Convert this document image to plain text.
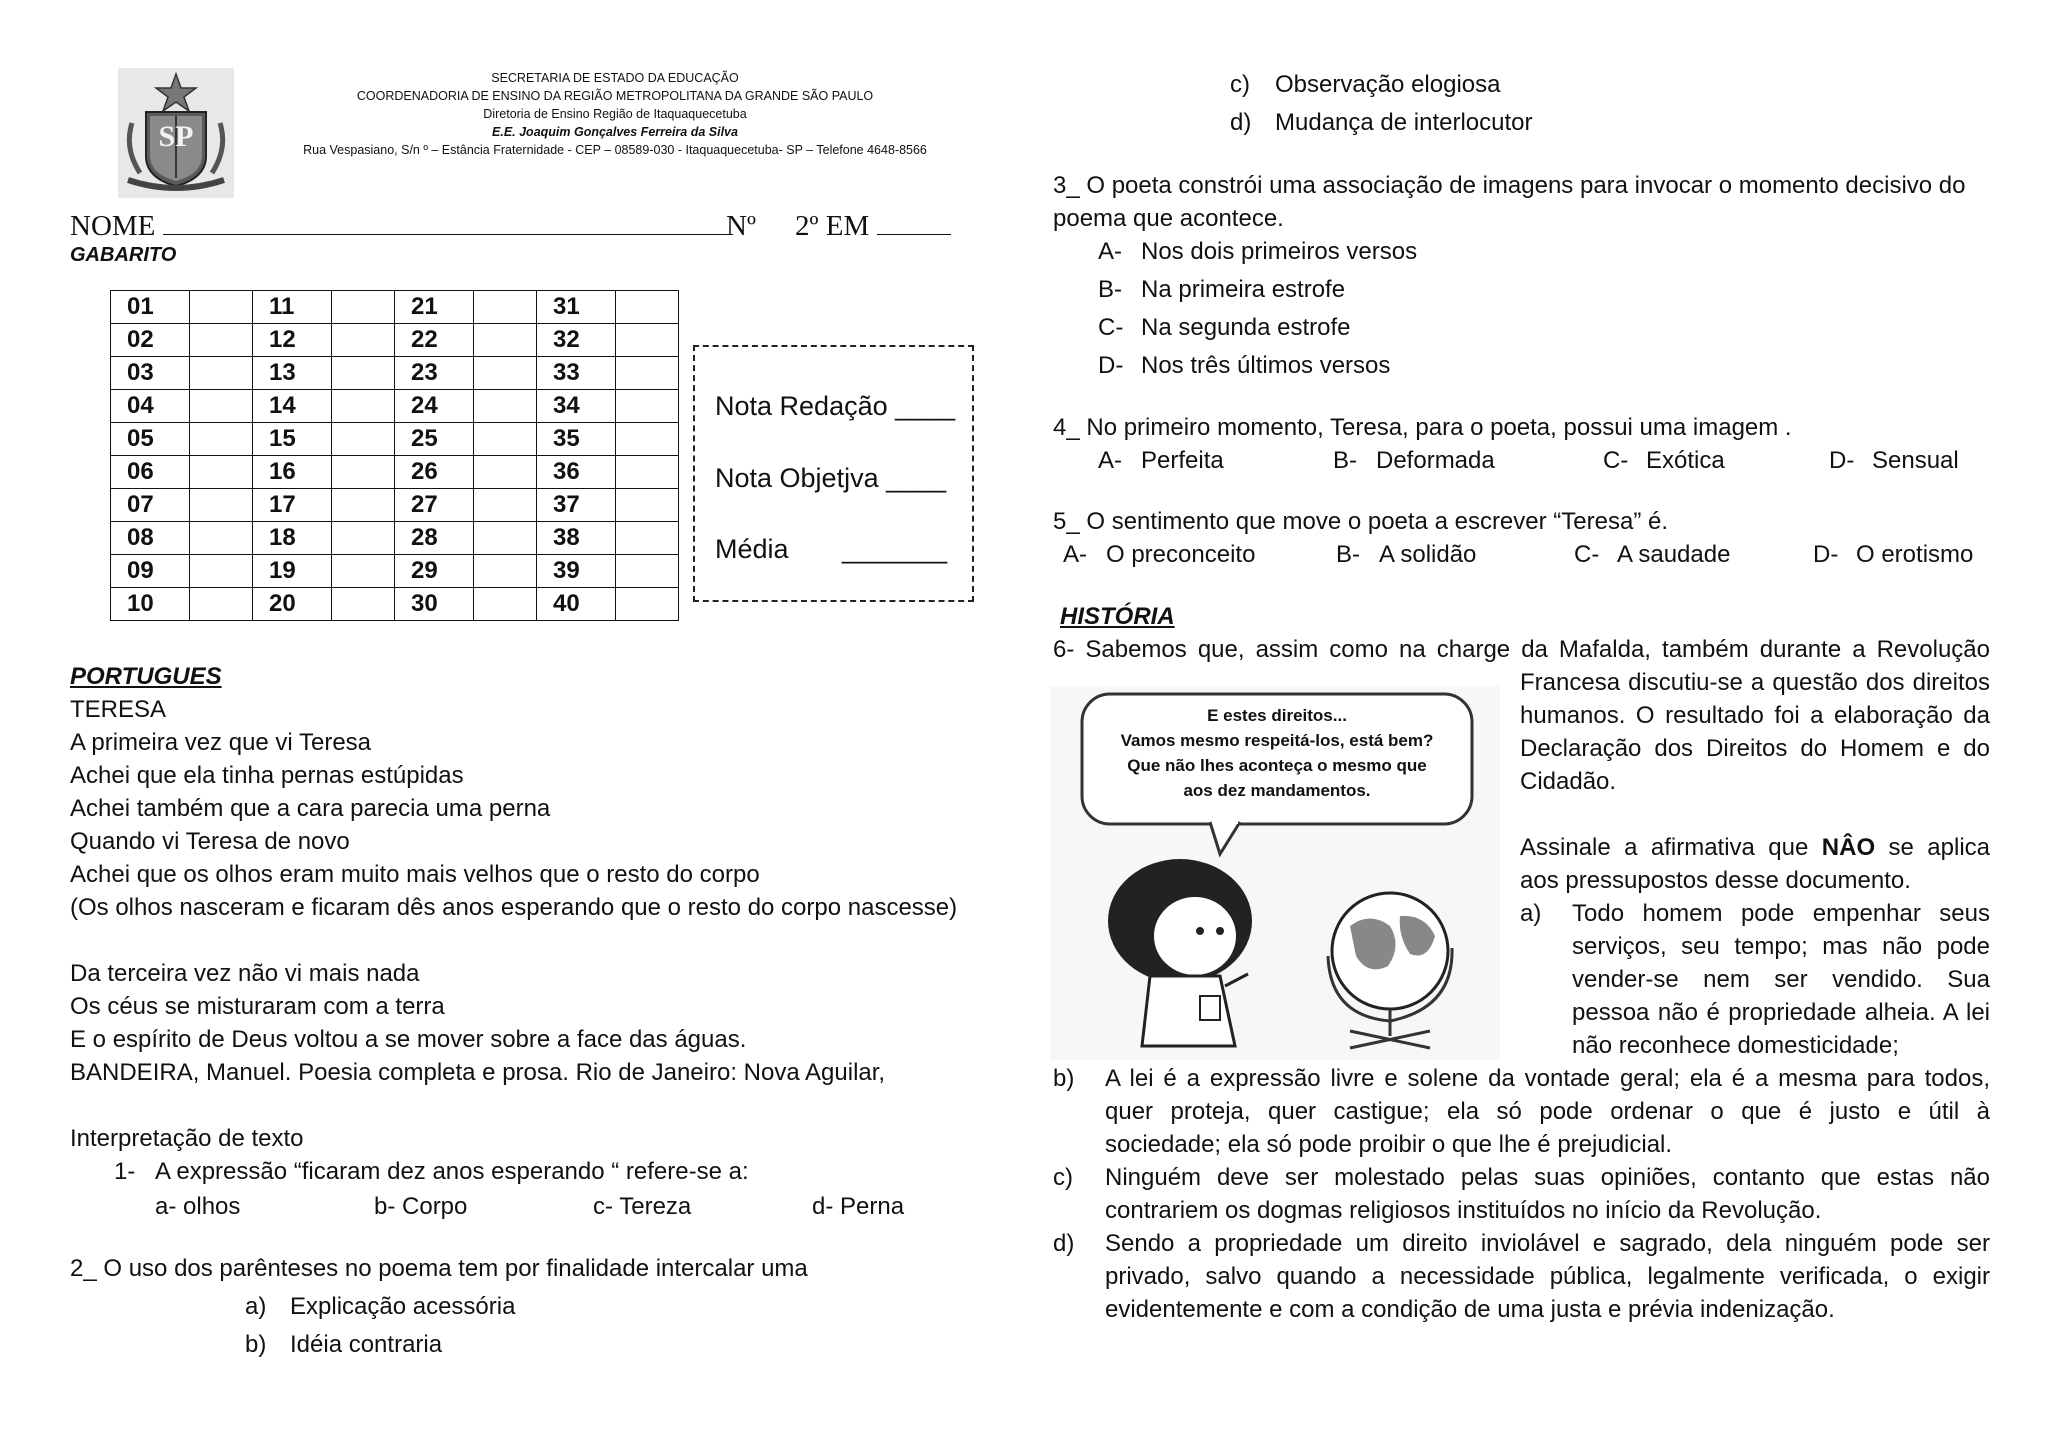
SP
SECRETARIA DE ESTADO DA EDUCAÇÃO
COORDENADORIA DE ENSINO DA REGIÃO METROPOLITANA DA GRANDE SÃO PAULO
Diretoria de Ensino Região de Itaquaquecetuba
E.E. Joaquim Gonçalves Ferreira da Silva
Rua Vespasiano, S/n º – Estância Fraternidade - CEP – 08589-030 - Itaquaquecetuba- SP – Telefone 4648-8566
NOME	Nº 2º EM
GABARITO
01		11		21		31	
02		12		22		32	
03		13		23		33	
04		14		24		34	
05		15		25		35	
06		16		26		36	
07		17		27		37	
08		18		28		38	
09		19		29		39	
10		20		30		40	
Nota Redação ____
Nota Objetjva ____
Média _______
PORTUGUES
TERESA
A primeira vez que vi Teresa
Achei que ela tinha pernas estúpidas
Achei também que a cara parecia uma perna
Quando vi Teresa de novo
Achei que os olhos eram muito mais velhos que o resto do corpo
(Os olhos nasceram e ficaram dês anos esperando que o resto do corpo nascesse)
Da terceira vez não vi mais nada
Os céus se misturaram com a terra
E o espírito de Deus voltou a se mover sobre a face das águas.
BANDEIRA, Manuel. Poesia completa e prosa. Rio de Janeiro: Nova Aguilar,
Interpretação de texto
1- A expressão “ficaram dez anos esperando “ refere-se a:
a- olhos	b- Corpo	c- Tereza	d- Perna
2_ O uso dos parênteses no poema tem por finalidade intercalar uma
a) Explicação acessória
b) Idéia contraria
c) Observação elogiosa
d) Mudança de interlocutor
3_ O poeta constrói uma associação de imagens para invocar o momento decisivo do
poema que acontece.
A- Nos dois primeiros versos
B- Na primeira estrofe
C- Na segunda estrofe
D- Nos três últimos versos
4_ No primeiro momento, Teresa, para o poeta, possui uma imagem .
A- Perfeita	B- Deformada	C- Exótica	D- Sensual
5_ O sentimento que move o poeta a escrever “Teresa” é.
A- O preconceito	B- A solidão	C- A saudade	D- O erotismo
HISTÓRIA
6- Sabemos que, assim como na charge da Mafalda, também durante a Revolução
E estes direitos...
Vamos mesmo respeitá-los, está bem?
Que não lhes aconteça o mesmo que
aos dez mandamentos.
Francesa discutiu-se a questão dos direitos
humanos. O resultado foi a elaboração da
Declaração dos Direitos do Homem e do
Cidadão.
Assinale a afirmativa que NÂO se aplica
aos pressupostos desse documento.
a) Todo homem pode empenhar seus
serviços, seu tempo; mas não pode
vender-se nem ser vendido. Sua
pessoa não é propriedade alheia. A lei
não reconhece domesticidade;
b) A lei é a expressão livre e solene da vontade geral; ela é a mesma para todos,
quer proteja, quer castigue; ela só pode ordenar o que é justo e útil à
sociedade; ela só pode proibir o que lhe é prejudicial.
c) Ninguém deve ser molestado pelas suas opiniões, contanto que estas não
contrariem os dogmas religiosos instituídos no início da Revolução.
d) Sendo a propriedade um direito inviolável e sagrado, dela ninguém pode ser
privado, salvo quando a necessidade pública, legalmente verificada, o exigir
evidentemente e com a condição de uma justa e prévia indenização.
